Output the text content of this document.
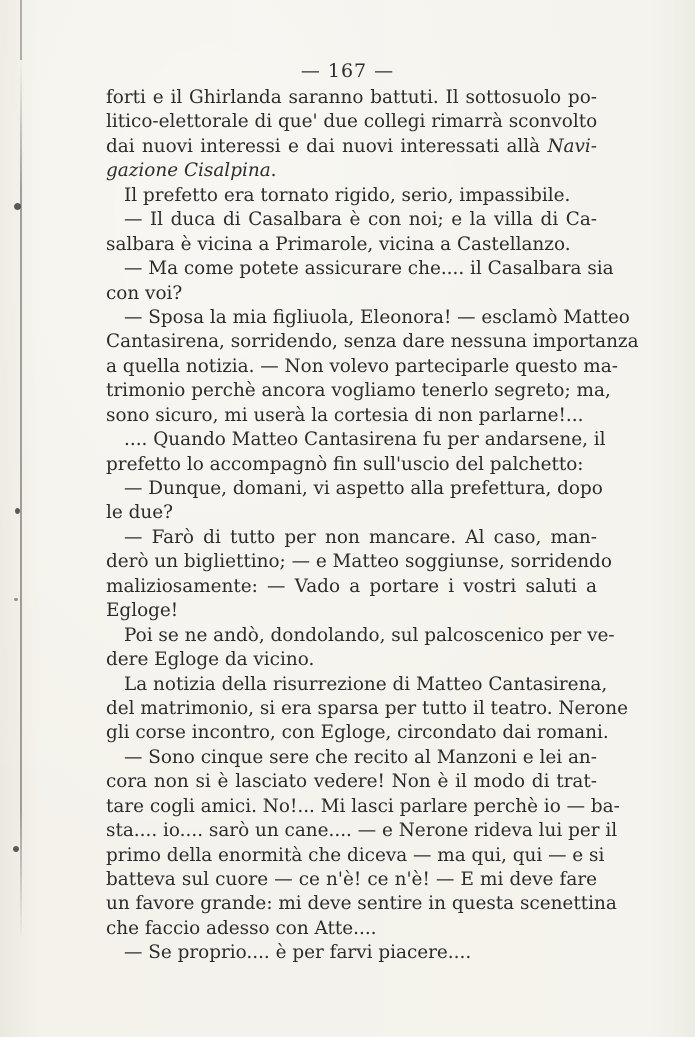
— 167 —
forti e il Ghirlanda saranno battuti. Il sottosuolo po-
litico-elettorale di que' due collegi rimarrà sconvolto
dai nuovi interessi e dai nuovi interessati allà Navi-
gazione Cisalpina.
Il prefetto era tornato rigido, serio, impassibile.
— Il duca di Casalbara è con noi; e la villa di Ca-
salbara è vicina a Primarole, vicina a Castellanzo.
— Ma come potete assicurare che.... il Casalbara sia
con voi?
— Sposa la mia figliuola, Eleonora! — esclamò Matteo
Cantasirena, sorridendo, senza dare nessuna importanza
a quella notizia. — Non volevo parteciparle questo ma-
trimonio perchè ancora vogliamo tenerlo segreto; ma,
sono sicuro, mi userà la cortesia di non parlarne!...
.... Quando Matteo Cantasirena fu per andarsene, il
prefetto lo accompagnò fin sull'uscio del palchetto:
— Dunque, domani, vi aspetto alla prefettura, dopo
le due?
— Farò di tutto per non mancare. Al caso, man-
derò un bigliettino; — e Matteo soggiunse, sorridendo
maliziosamente: — Vado a portare i vostri saluti a
Egloge!
Poi se ne andò, dondolando, sul palcoscenico per ve-
dere Egloge da vicino.
La notizia della risurrezione di Matteo Cantasirena,
del matrimonio, si era sparsa per tutto il teatro. Nerone
gli corse incontro, con Egloge, circondato dai romani.
— Sono cinque sere che recito al Manzoni e lei an-
cora non si è lasciato vedere! Non è il modo di trat-
tare cogli amici. No!... Mi lasci parlare perchè io — ba-
sta.... io.... sarò un cane.... — e Nerone rideva lui per il
primo della enormità che diceva — ma qui, qui — e si
batteva sul cuore — ce n'è! ce n'è! — E mi deve fare
un favore grande: mi deve sentire in questa scenettina
che faccio adesso con Atte....
— Se proprio.... è per farvi piacere....
